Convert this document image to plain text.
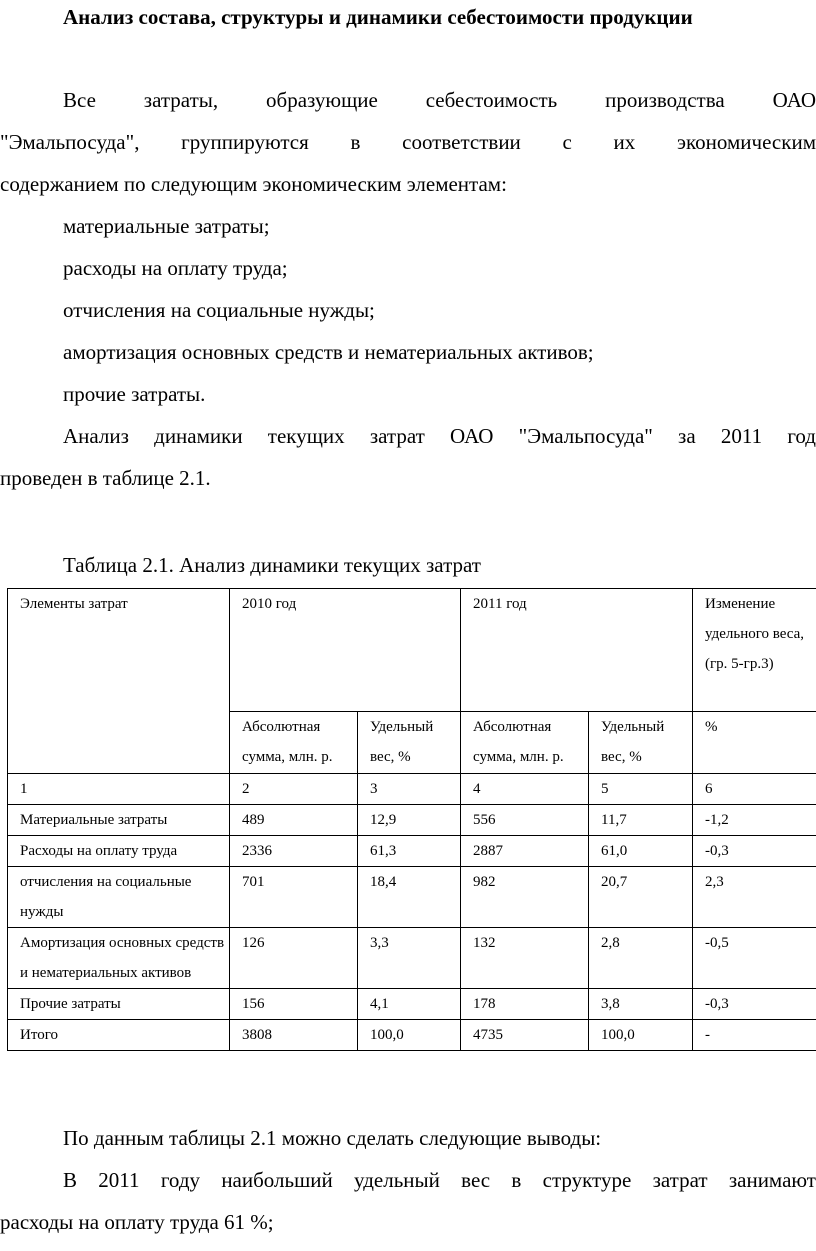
Анализ состава, структуры и динамики себестоимости продукции
Все затраты, образующие себестоимость производства ОАО
"Эмальпосуда", группируются в соответствии с их экономическим
содержанием по следующим экономическим элементам:
материальные затраты;
расходы на оплату труда;
отчисления на социальные нужды;
амортизация основных средств и нематериальных активов;
прочие затраты.
Анализ динамики текущих затрат ОАО "Эмальпосуда" за 2011 год
проведен в таблице 2.1.
Таблица 2.1. Анализ динамики текущих затрат
Элементы затрат	2010 год		2011 год		Изменение удельного веса, (гр. 5-гр.3)
	Абсолютная сумма, млн. р.	Удельный вес, %	Абсолютная сумма, млн. р.	Удельный вес, %	%
1	2	3	4	5	6
Материальные затраты	489	12,9	556	11,7	-1,2
Расходы на оплату труда	2336	61,3	2887	61,0	-0,3
отчисления на социальные нужды	701	18,4	982	20,7	2,3
Амортизация основных средств и нематериальных активов	126	3,3	132	2,8	-0,5
Прочие затраты	156	4,1	178	3,8	-0,3
Итого	3808	100,0	4735	100,0	-
По данным таблицы 2.1 можно сделать следующие выводы:
В 2011 году наибольший удельный вес в структуре затрат занимают
расходы на оплату труда 61 %;
